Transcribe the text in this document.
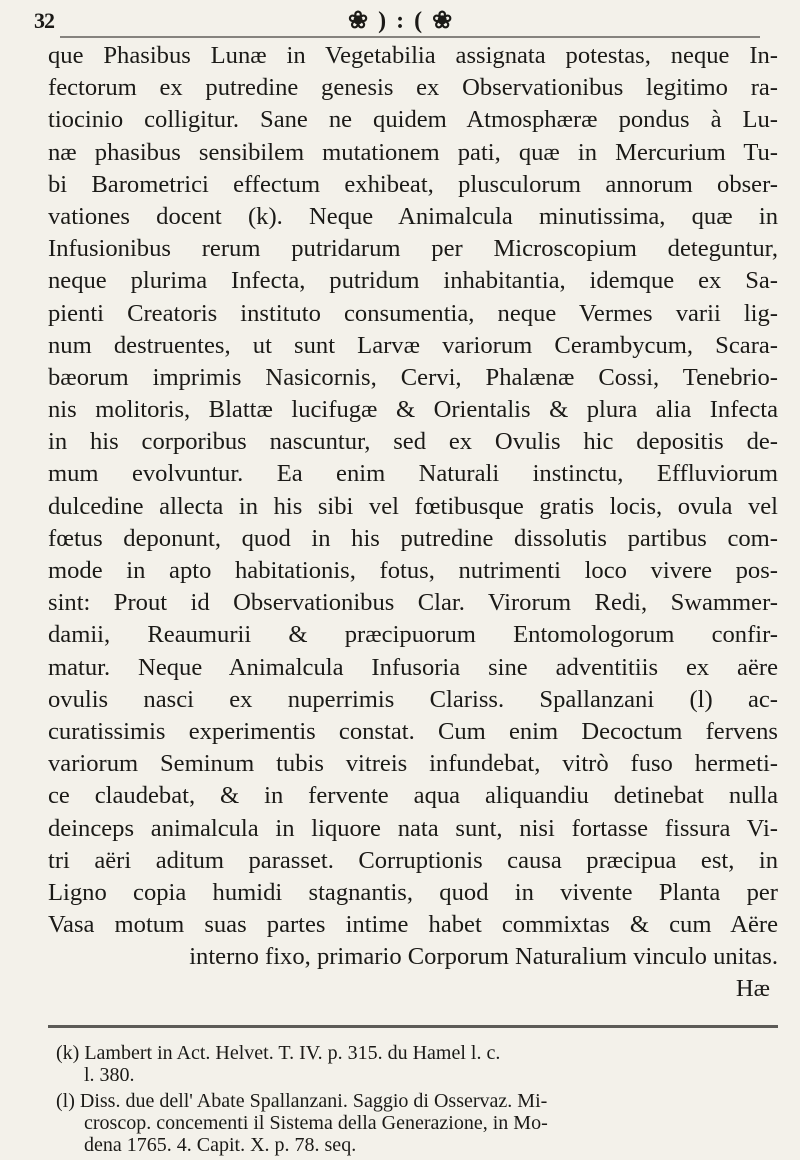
32	❀ ) : ( ❀
que Phasibus Lunæ in Vegetabilia assignata potestas, neque In-
fectorum ex putredine genesis ex Observationibus legitimo ra-
tiocinio colligitur. Sane ne quidem Atmosphæræ pondus à Lu-
næ phasibus sensibilem mutationem pati, quæ in Mercurium Tu-
bi Barometrici effectum exhibeat, plusculorum annorum obser-
vationes docent (k). Neque Animalcula minutissima, quæ in
Infusionibus rerum putridarum per Microscopium deteguntur,
neque plurima Infecta, putridum inhabitantia, idemque ex Sa-
pienti Creatoris instituto consumentia, neque Vermes varii lig-
num destruentes, ut sunt Larvæ variorum Cerambycum, Scara-
bæorum imprimis Nasicornis, Cervi, Phalænæ Cossi, Tenebrio-
nis molitoris, Blattæ lucifugæ & Orientalis & plura alia Infecta
in his corporibus nascuntur, sed ex Ovulis hic depositis de-
mum evolvuntur. Ea enim Naturali instinctu, Effluviorum
dulcedine allecta in his sibi vel fœtibusque gratis locis, ovula vel
fœtus deponunt, quod in his putredine dissolutis partibus com-
mode in apto habitationis, fotus, nutrimenti loco vivere pos-
sint: Prout id Observationibus Clar. Virorum Redi, Swammer-
damii, Reaumurii & præcipuorum Entomologorum confir-
matur. Neque Animalcula Infusoria sine adventitiis ex aëre
ovulis nasci ex nuperrimis Clariss. Spallanzani (l) ac-
curatissimis experimentis constat. Cum enim Decoctum fervens
variorum Seminum tubis vitreis infundebat, vitrò fuso hermeti-
ce claudebat, & in fervente aqua aliquandiu detinebat nulla
deinceps animalcula in liquore nata sunt, nisi fortasse fissura Vi-
tri aëri aditum parasset. Corruptionis causa præcipua est, in
Ligno copia humidi stagnantis, quod in vivente Planta per
Vasa motum suas partes intime habet commixtas & cum Aëre
interno fixo, primario Corporum Naturalium vinculo unitas.
Hæ
(k) Lambert in Act. Helvet. T. IV. p. 315. du Hamel l. c.
l. 380.
(l) Diss. due dell' Abate Spallanzani. Saggio di Osservaz. Mi-
croscop. concementi il Sistema della Generazione, in Mo-
dena 1765. 4. Capit. X. p. 78. seq.
